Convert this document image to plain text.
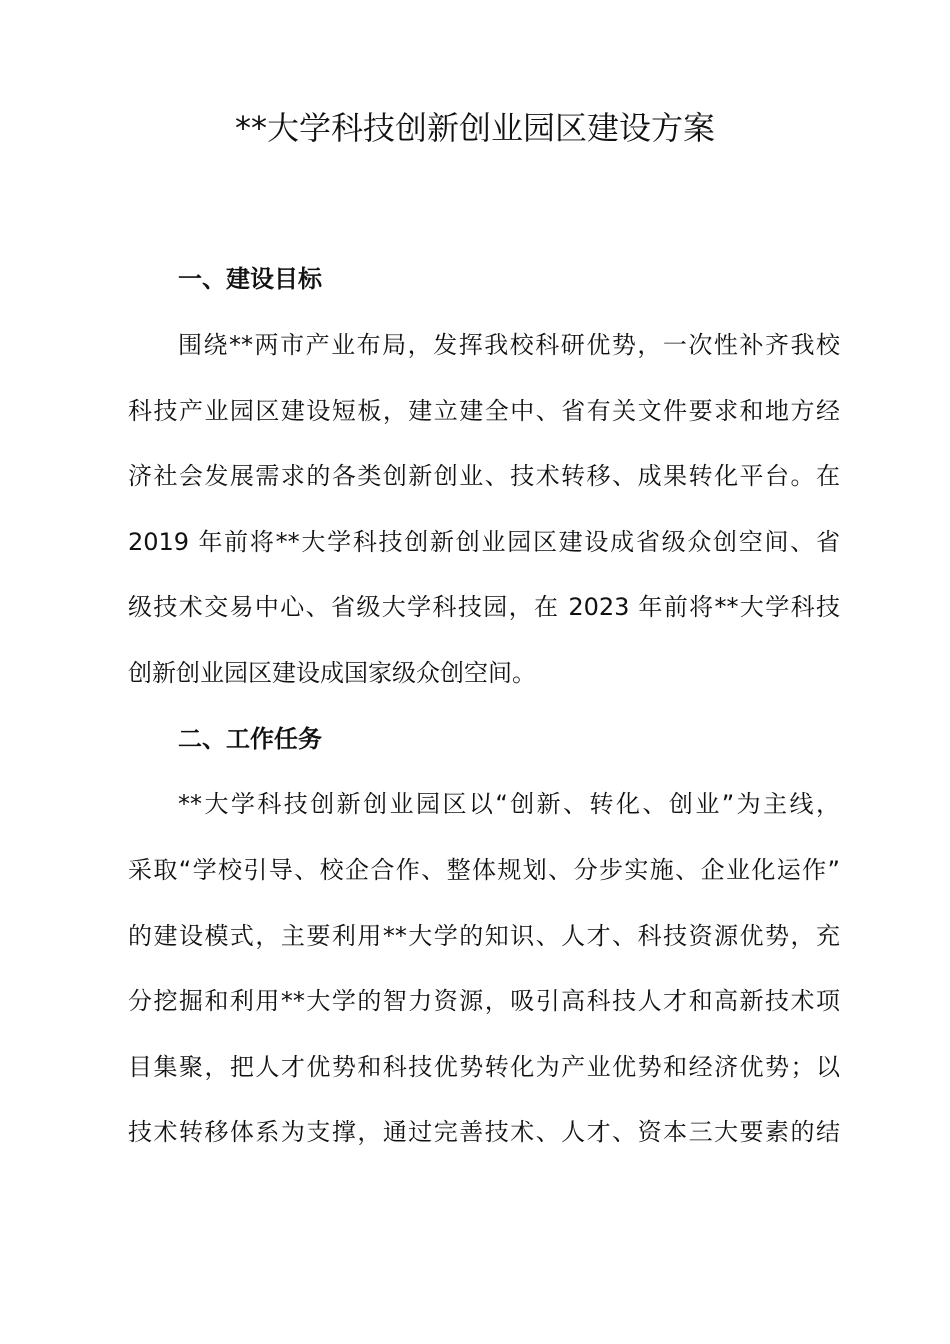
**大学科技创新创业园区建设方案
一、建设目标

围绕**两市产业布局，发挥我校科研优势，一次性补齐我校

科技产业园区建设短板，建立建全中、省有关文件要求和地方经

济社会发展需求的各类创新创业、技术转移、成果转化平台。在

2019 年前将**大学科技创新创业园区建设成省级众创空间、省

级技术交易中心、省级大学科技园，在 2023 年前将**大学科技

创新创业园区建设成国家级众创空间。

二、工作任务

**大学科技创新创业园区以“创新、转化、创业”为主线，

采取“学校引导、校企合作、整体规划、分步实施、企业化运作”

的建设模式，主要利用**大学的知识、人才、科技资源优势，充

分挖掘和利用**大学的智力资源，吸引高科技人才和高新技术项

目集聚，把人才优势和科技优势转化为产业优势和经济优势；以

技术转移体系为支撑，通过完善技术、人才、资本三大要素的结
